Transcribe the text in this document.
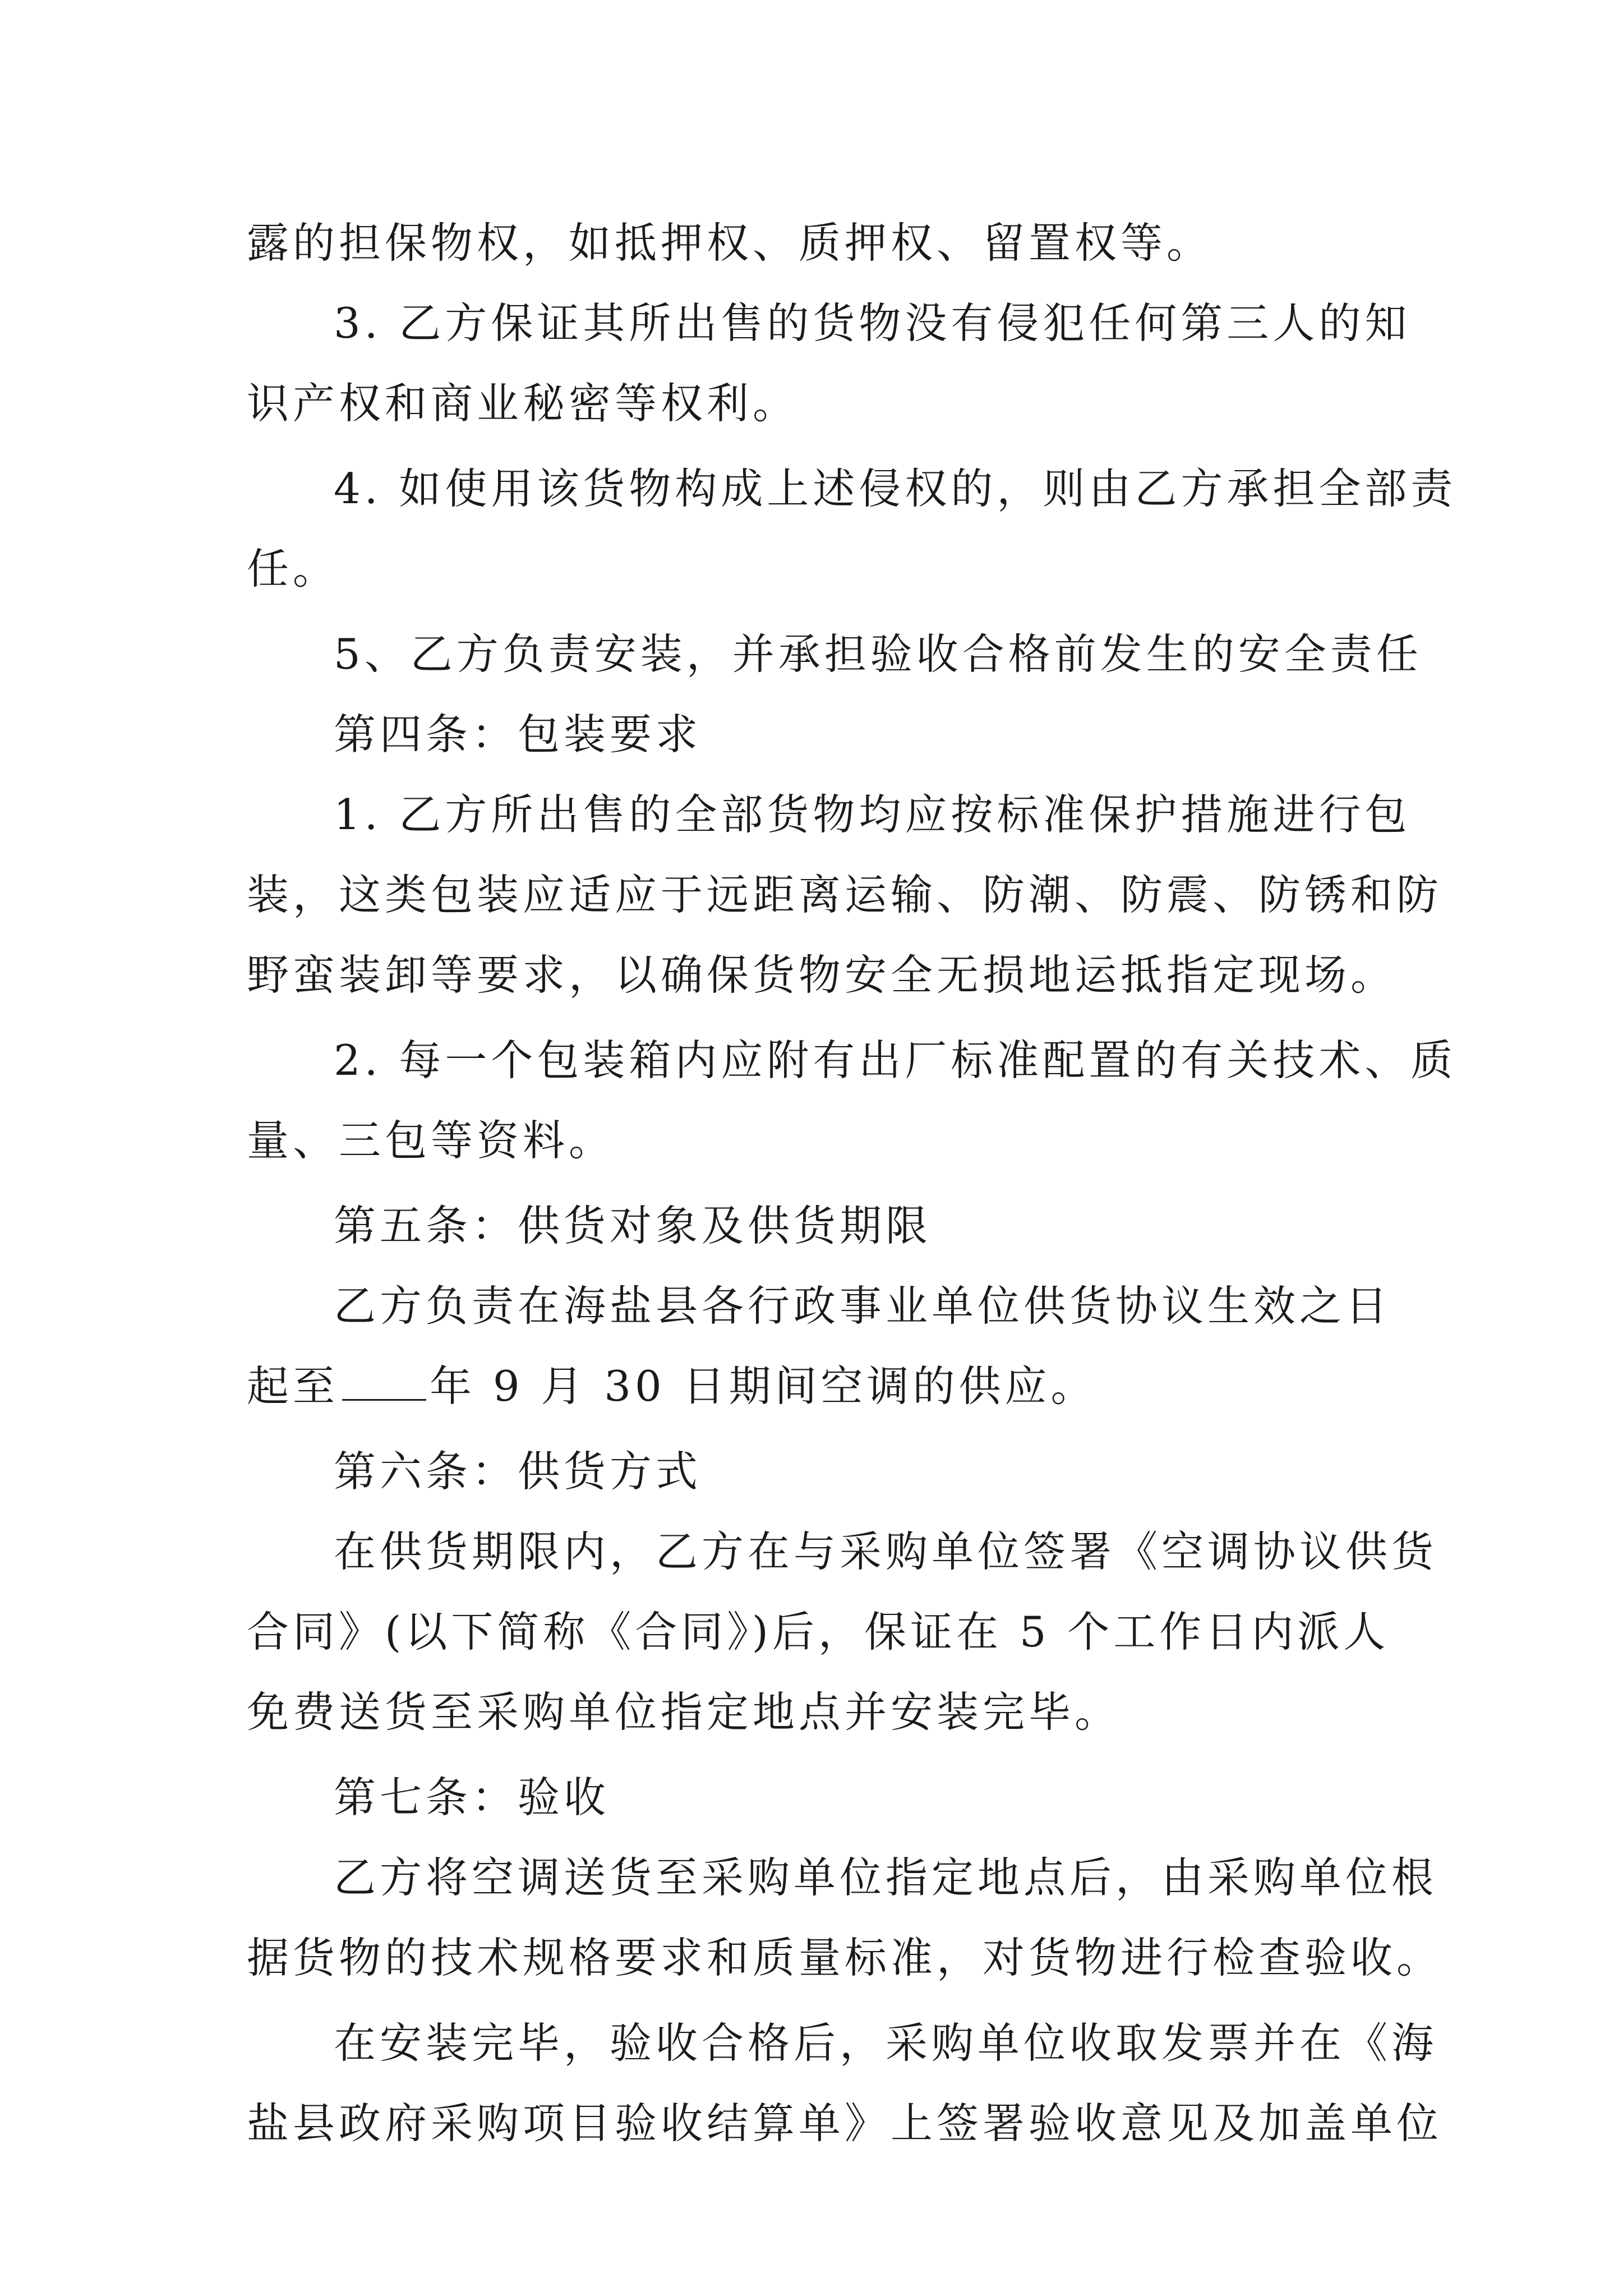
露的担保物权，如抵押权、质押权、留置权等。
3. 乙方保证其所出售的货物没有侵犯任何第三人的知
识产权和商业秘密等权利。
4. 如使用该货物构成上述侵权的，则由乙方承担全部责
任。
5、乙方负责安装，并承担验收合格前发生的安全责任
第四条：包装要求
1. 乙方所出售的全部货物均应按标准保护措施进行包
装，这类包装应适应于远距离运输、防潮、防震、防锈和防
野蛮装卸等要求，以确保货物安全无损地运抵指定现场。
2. 每一个包装箱内应附有出厂标准配置的有关技术、质
量、三包等资料。
第五条：供货对象及供货期限
乙方负责在海盐县各行政事业单位供货协议生效之日
起至 年 9 月 30 日期间空调的供应。
第六条：供货方式
在供货期限内，乙方在与采购单位签署《空调协议供货
合同》(以下简称《合同》)后，保证在 5 个工作日内派人
免费送货至采购单位指定地点并安装完毕。
第七条：验收
乙方将空调送货至采购单位指定地点后，由采购单位根
据货物的技术规格要求和质量标准，对货物进行检查验收。
在安装完毕，验收合格后，采购单位收取发票并在《海
盐县政府采购项目验收结算单》上签署验收意见及加盖单位
